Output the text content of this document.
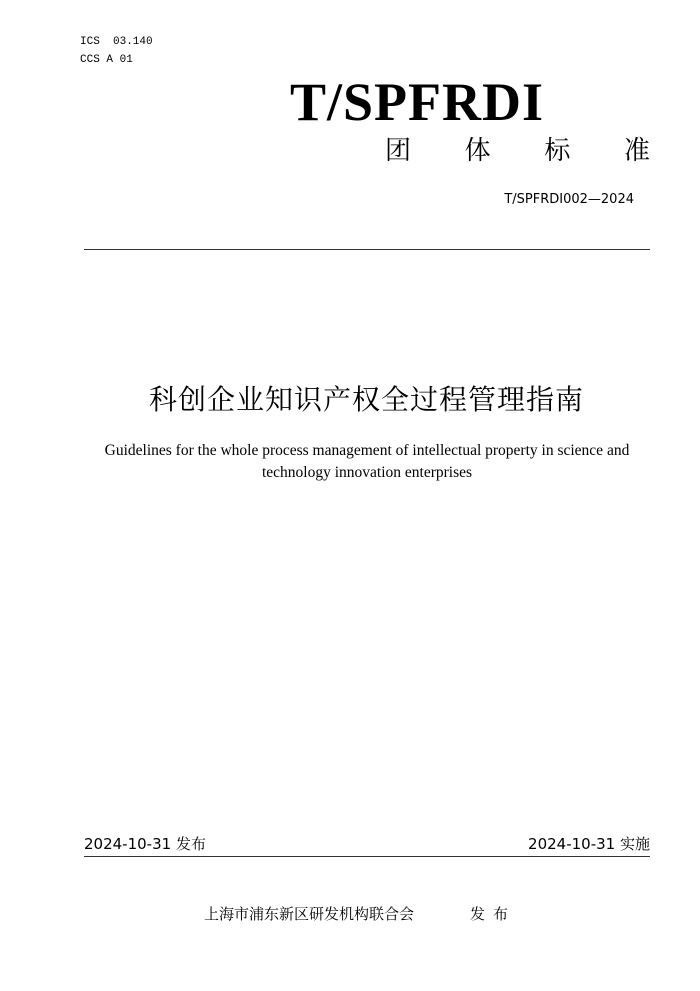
ICS  03.140
CCS A 01
T/SPFRDI
团 体 标 准
T/SPFRDI002—2024
科创企业知识产权全过程管理指南
Guidelines for the whole process management of intellectual property in science and technology innovation enterprises
2024-10-31 发布	2024-10-31 实施
上海市浦东新区研发机构联合会	发布
